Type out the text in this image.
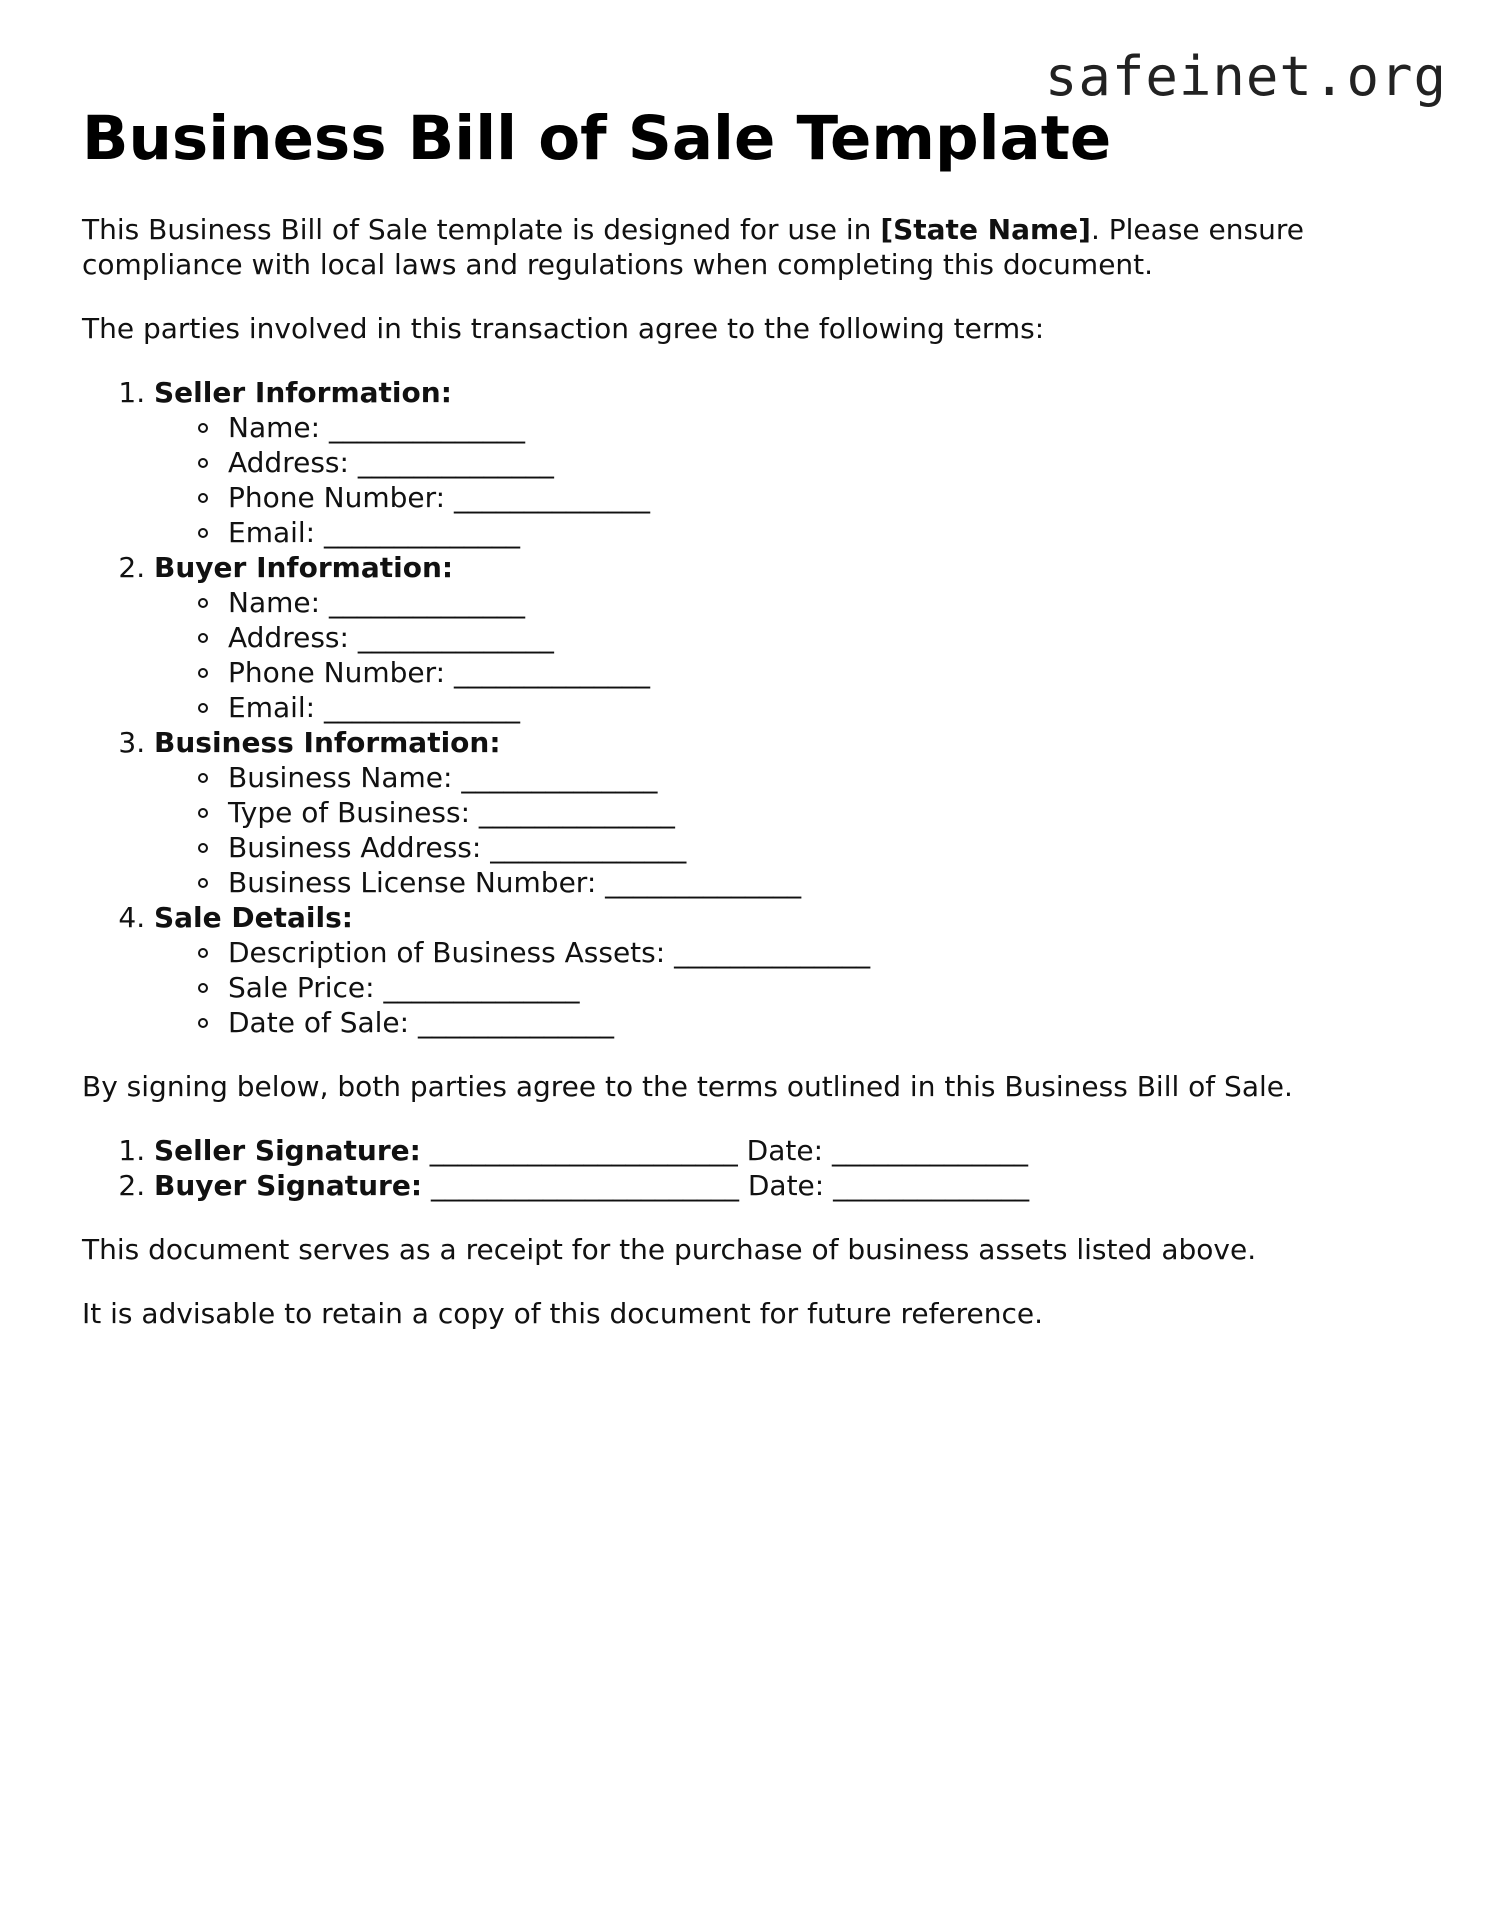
safeinet.org
Business Bill of Sale Template

This Business Bill of Sale template is designed for use in [State Name]. Please ensure compliance with local laws and regulations when completing this document.

The parties involved in this transaction agree to the following terms:

1. Seller Information:
Name: ______________
Address: ______________
Phone Number: ______________
Email: ______________
2. Buyer Information:
Name: ______________
Address: ______________
Phone Number: ______________
Email: ______________
3. Business Information:
Business Name: ______________
Type of Business: ______________
Business Address: ______________
Business License Number: ______________
4. Sale Details:
Description of Business Assets: ______________
Sale Price: ______________
Date of Sale: ______________

By signing below, both parties agree to the terms outlined in this Business Bill of Sale.

1. Seller Signature: ______________________ Date: ______________
2. Buyer Signature: ______________________ Date: ______________

This document serves as a receipt for the purchase of business assets listed above.

It is advisable to retain a copy of this document for future reference.
